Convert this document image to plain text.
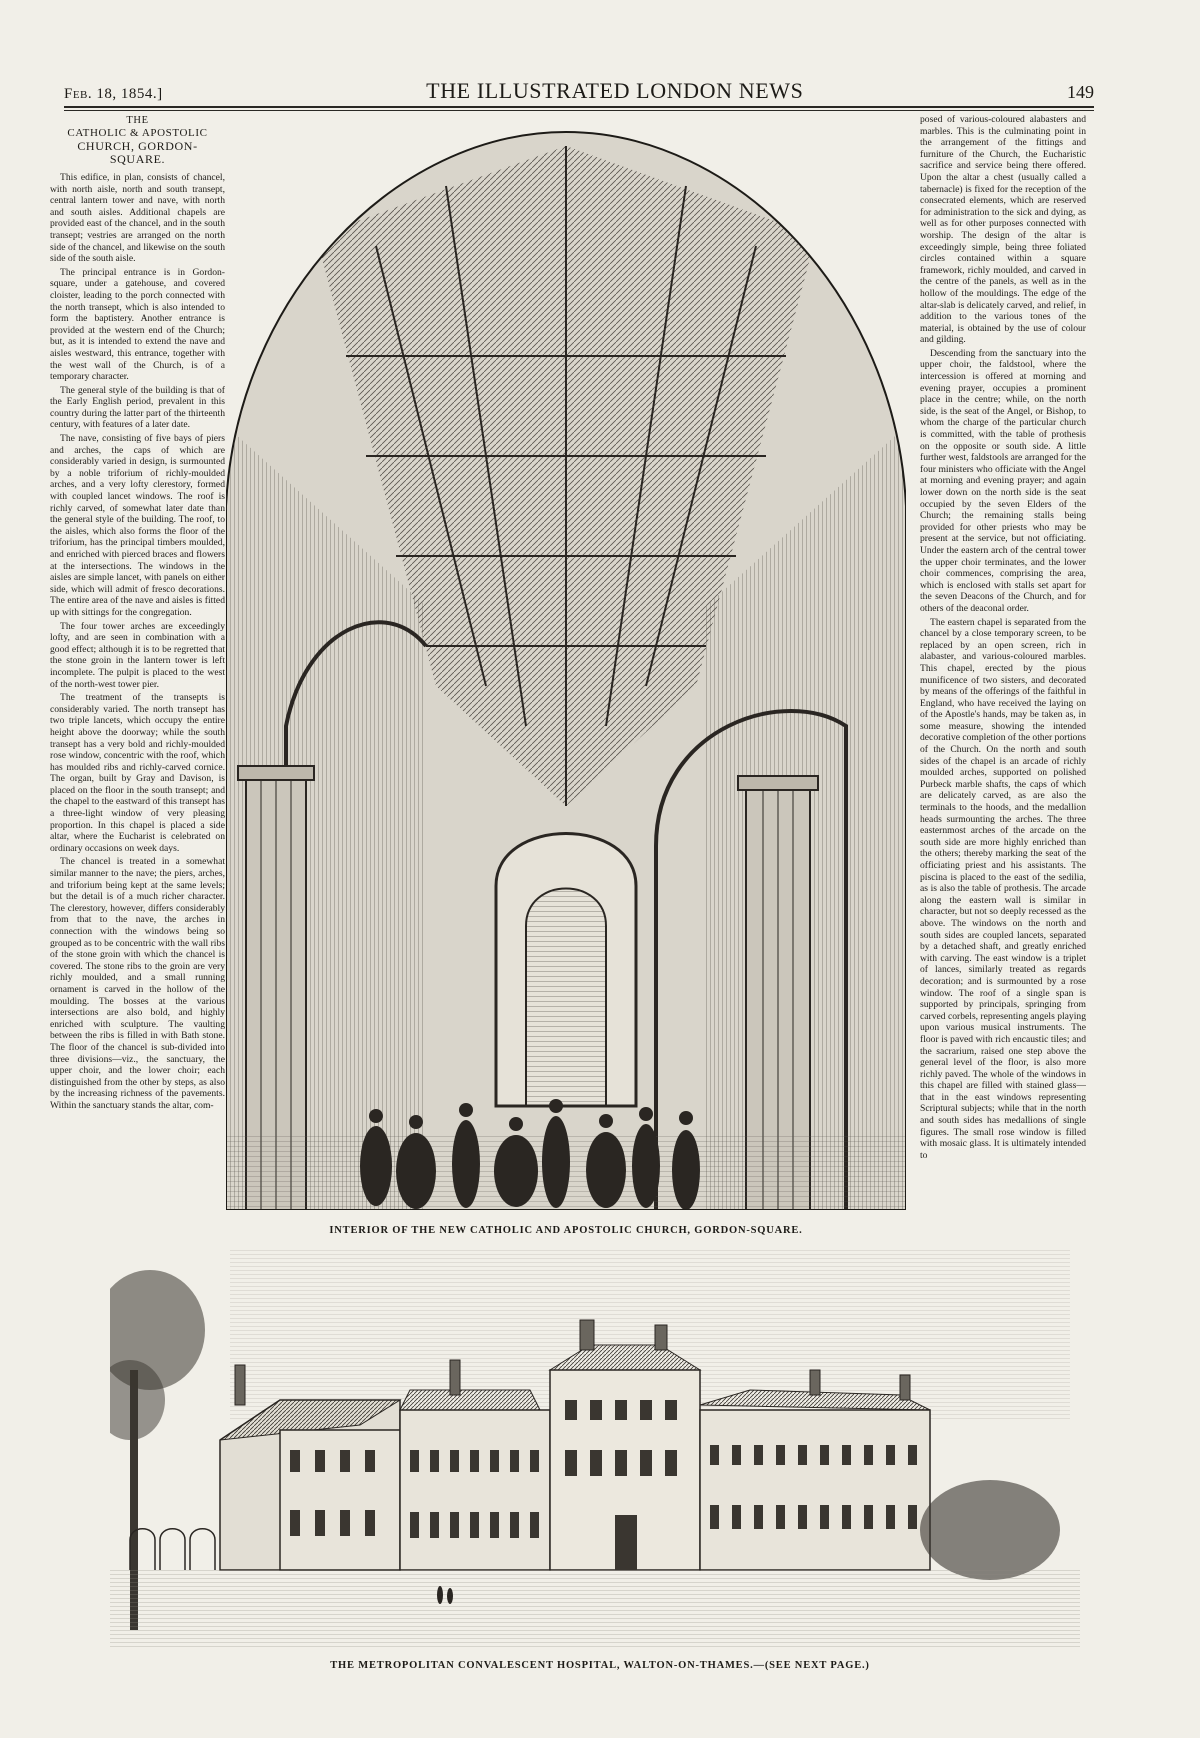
Feb. 18, 1854.]	THE ILLUSTRATED LONDON NEWS	149
THE
CATHOLIC & APOSTOLIC
CHURCH, GORDON-SQUARE.

This edifice, in plan, consists of chancel, with north aisle, north and south transept, central lantern tower and nave, with north and south aisles. Additional chapels are provided east of the chancel, and in the south transept; vestries are arranged on the north side of the chancel, and likewise on the south side of the south aisle.

The principal entrance is in Gordon-square, under a gatehouse, and covered cloister, leading to the porch connected with the north transept, which is also intended to form the baptistery. Another entrance is provided at the western end of the Church; but, as it is intended to extend the nave and aisles westward, this entrance, together with the west wall of the Church, is of a temporary character.

The general style of the building is that of the Early English period, prevalent in this country during the latter part of the thirteenth century, with features of a later date.

The nave, consisting of five bays of piers and arches, the caps of which are considerably varied in design, is surmounted by a noble triforium of richly-moulded arches, and a very lofty clerestory, formed with coupled lancet windows. The roof is richly carved, of somewhat later date than the general style of the building. The roof, to the aisles, which also forms the floor of the triforium, has the principal timbers moulded, and enriched with pierced braces and flowers at the intersections. The windows in the aisles are simple lancet, with panels on either side, which will admit of fresco decorations. The entire area of the nave and aisles is fitted up with sittings for the congregation.

The four tower arches are exceedingly lofty, and are seen in combination with a good effect; although it is to be regretted that the stone groin in the lantern tower is left incomplete. The pulpit is placed to the west of the north-west tower pier.

The treatment of the transepts is considerably varied. The north transept has two triple lancets, which occupy the entire height above the doorway; while the south transept has a very bold and richly-moulded rose window, concentric with the roof, which has moulded ribs and richly-carved cornice. The organ, built by Gray and Davison, is placed on the floor in the south transept; and the chapel to the eastward of this transept has a three-light window of very pleasing proportion. In this chapel is placed a side altar, where the Eucharist is celebrated on ordinary occasions on week days.

The chancel is treated in a somewhat similar manner to the nave; the piers, arches, and triforium being kept at the same levels; but the detail is of a much richer character. The clerestory, however, differs considerably from that to the nave, the arches in connection with the windows being so grouped as to be concentric with the wall ribs of the stone groin with which the chancel is covered. The stone ribs to the groin are very richly moulded, and a small running ornament is carved in the hollow of the moulding. The bosses at the various intersections are also bold, and highly enriched with sculpture. The vaulting between the ribs is filled in with Bath stone. The floor of the chancel is sub-divided into three divisions—viz., the sanctuary, the upper choir, and the lower choir; each distinguished from the other by steps, as also by the increasing richness of the pavements. Within the sanctuary stands the altar, com-

posed of various-coloured alabasters and marbles. This is the culminating point in the arrangement of the fittings and furniture of the Church, the Eucharistic sacrifice and service being there offered. Upon the altar a chest (usually called a tabernacle) is fixed for the reception of the consecrated elements, which are reserved for administration to the sick and dying, as well as for other purposes connected with worship. The design of the altar is exceedingly simple, being three foliated circles contained within a square framework, richly moulded, and carved in the centre of the panels, as well as in the hollow of the mouldings. The edge of the altar-slab is delicately carved, and relief, in addition to the various tones of the material, is obtained by the use of colour and gilding.

Descending from the sanctuary into the upper choir, the faldstool, where the intercession is offered at morning and evening prayer, occupies a prominent place in the centre; while, on the north side, is the seat of the Angel, or Bishop, to whom the charge of the particular church is committed, with the table of prothesis on the opposite or south side. A little further west, faldstools are arranged for the four ministers who officiate with the Angel at morning and evening prayer; and again lower down on the north side is the seat occupied by the seven Elders of the Church; the remaining stalls being provided for other priests who may be present at the service, but not officiating. Under the eastern arch of the central tower the upper choir terminates, and the lower choir commences, comprising the area, which is enclosed with stalls set apart for the seven Deacons of the Church, and for others of the deaconal order.

The eastern chapel is separated from the chancel by a close temporary screen, to be replaced by an open screen, rich in alabaster, and various-coloured marbles. This chapel, erected by the pious munificence of two sisters, and decorated by means of the offerings of the faithful in England, who have received the laying on of the Apostle's hands, may be taken as, in some measure, showing the intended decorative completion of the other portions of the Church. On the north and south sides of the chapel is an arcade of richly moulded arches, supported on polished Purbeck marble shafts, the caps of which are delicately carved, as are also the terminals to the hoods, and the medallion heads surmounting the arches. The three easternmost arches of the arcade on the south side are more highly enriched than the others; thereby marking the seat of the officiating priest and his assistants. The piscina is placed to the east of the sedilia, as is also the table of prothesis. The arcade along the eastern wall is similar in character, but not so deeply recessed as the above. The windows on the north and south sides are coupled lancets, separated by a detached shaft, and greatly enriched with carving. The east window is a triplet of lances, similarly treated as regards decoration; and is surmounted by a rose window. The roof of a single span is supported by principals, springing from carved corbels, representing angels playing upon various musical instruments. The floor is paved with rich encaustic tiles; and the sacrarium, raised one step above the general level of the floor, is also more richly paved. The whole of the windows in this chapel are filled with stained glass—that in the east windows representing Scriptural subjects; while that in the north and south sides has medallions of single figures. The small rose window is filled with mosaic glass. It is ultimately intended to

INTERIOR OF THE NEW CATHOLIC AND APOSTOLIC CHURCH, GORDON-SQUARE.
THE METROPOLITAN CONVALESCENT HOSPITAL, WALTON-ON-THAMES.—(SEE NEXT PAGE.)
